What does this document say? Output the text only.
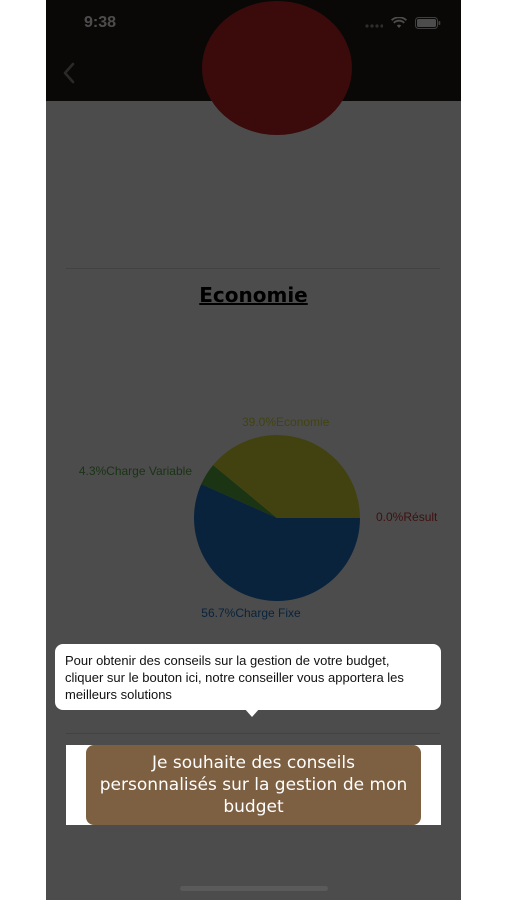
Pour obtenir des conseils sur la gestion de votre budget, cliquer sur le bouton ici, notre conseiller vous apportera les meilleurs solutions
Je souhaite des conseils personnalisés sur la gestion de mon budget
